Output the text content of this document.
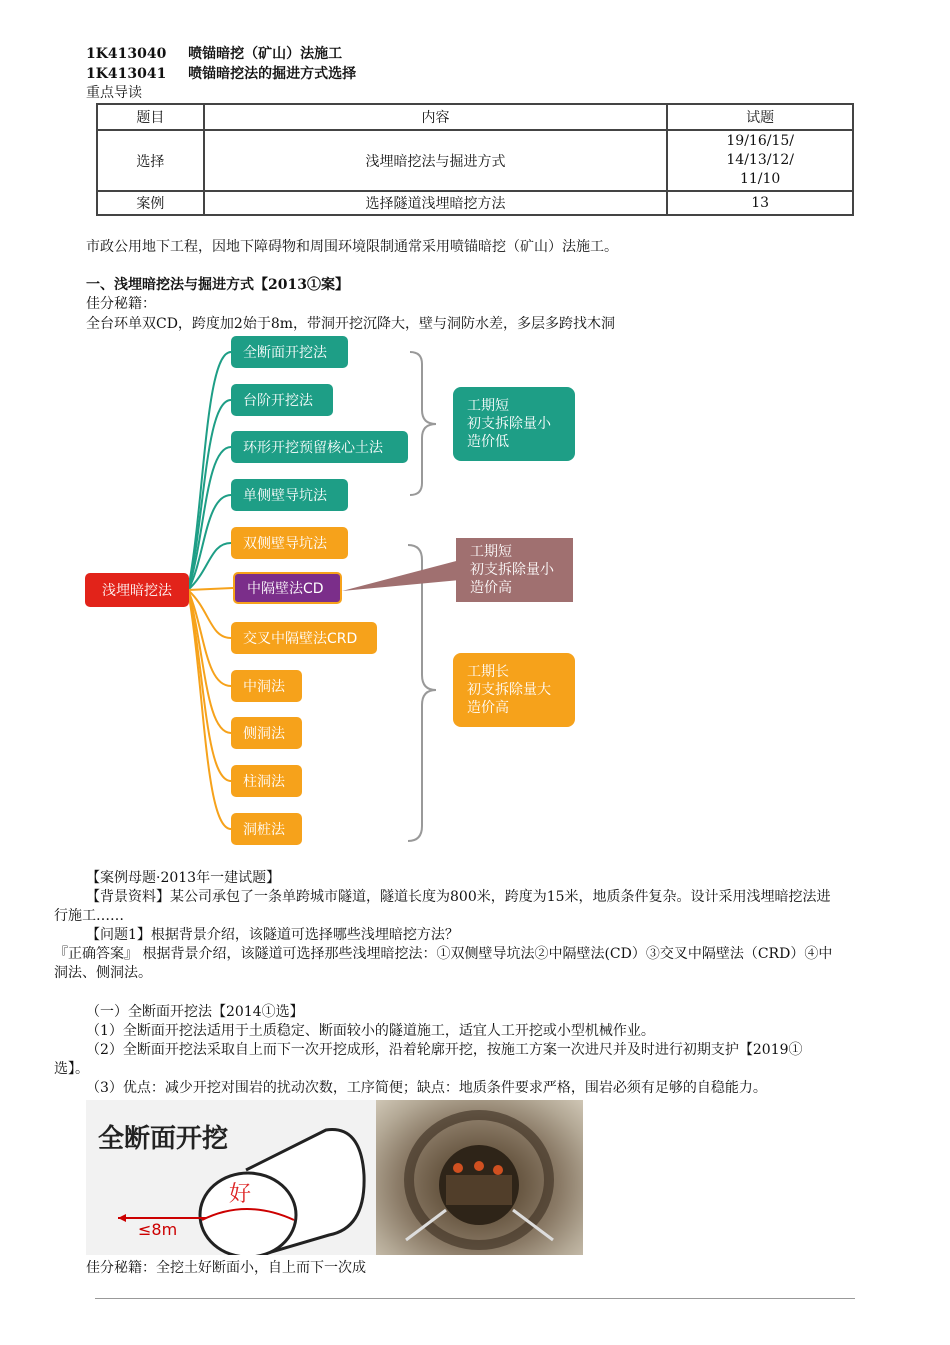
1K413040 喷锚暗挖（矿山）法施工
1K413041 喷锚暗挖法的掘进方式选择
重点导读
题目	内容	试题
选择	浅埋暗挖法与掘进方式	19/16/15/
14/13/12/
11/10

案例	选择隧道浅埋暗挖方法	13
市政公用地下工程，因地下障碍物和周围环境限制通常采用喷锚暗挖（矿山）法施工。
一、浅埋暗挖法与掘进方式【2013①案】
佳分秘籍：
全台环单双CD，跨度加2始于8m，带洞开挖沉降大，壁与洞防水差，多层多跨找木洞
浅埋暗挖法
全断面开挖法
台阶开挖法
环形开挖预留核心土法
单侧壁导坑法
双侧壁导坑法
中隔壁法CD
交叉中隔壁法CRD
中洞法
侧洞法
柱洞法
洞桩法
工期短
初支拆除量小
造价低
工期短
初支拆除量小
造价高
工期长
初支拆除量大
造价高
【案例母题·2013年一建试题】
【背景资料】某公司承包了一条单跨城市隧道，隧道长度为800米，跨度为15米，地质条件复杂。设计采用浅埋暗挖法进
行施工……
【问题1】根据背景介绍，该隧道可选择哪些浅埋暗挖方法？
『正确答案』 根据背景介绍，该隧道可选择那些浅埋暗挖法：①双侧壁导坑法②中隔壁法(CD）③交叉中隔壁法（CRD）④中
洞法、侧洞法。
（一）全断面开挖法【2014①选】
（1）全断面开挖法适用于土质稳定、断面较小的隧道施工，适宜人工开挖或小型机械作业。
（2）全断面开挖法采取自上而下一次开挖成形，沿着轮廓开挖，按施工方案一次进尺并及时进行初期支护【2019①
选】。
（3）优点：减少开挖对围岩的扰动次数，工序简便；缺点：地质条件要求严格，围岩必须有足够的自稳能力。
全断面开挖
好
≤8m
佳分秘籍：全挖土好断面小，自上而下一次成
